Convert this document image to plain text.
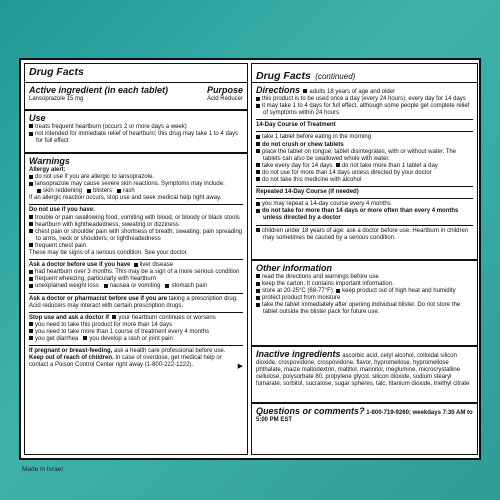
Drug Facts
Active ingredient (in each tablet)	Purpose
Lansoprazole 15 mg	Acid Reducer
Use
treats frequent heartburn (occurs 2 or more days a week)
not intended for immediate relief of heartburn; this drug may take 1 to 4 days for full effect
Warnings
Allergy alert:
do not use if you are allergic to lansoprazole.
lansoprazole may cause severe skin reactions. Symptoms may include:
skin reddening blisters rash
If an allergic reaction occurs, stop use and seek medical help right away.
Do not use if you have:
trouble or pain swallowing food, vomiting with blood, or bloody or black stools
heartburn with lightheadedness, sweating or dizziness
chest pain or shoulder pain with shortness of breath; sweating; pain spreading to arms, neck or shoulders; or lightheadedness
frequent chest pain
These may be signs of a serious condition. See your doctor.
Ask a doctor before use if you have liver disease
had heartburn over 3 months. This may be a sign of a more serious condition
frequent wheezing, particularly with heartburn
unexplained weight loss nausea or vomiting stomach pain
Ask a doctor or pharmacist before use if you are taking a prescription drug. Acid reducers may interact with certain prescription drugs.
Stop use and ask a doctor if your heartburn continues or worsens
you need to take this product for more than 14 days
you need to take more than 1 course of treatment every 4 months
you get diarrhea you develop a rash or joint pain
If pregnant or breast-feeding, ask a health care professional before use.
Keep out of reach of children. In case of overdose, get medical help or contact a Poison Control Center right away (1-800-222-1222).	▶
Drug Facts (continued)
Directions adults 18 years of age and older
this product is to be used once a day (every 24 hours), every day for 14 days
it may take 1 to 4 days for full effect, although some people get complete relief of symptoms within 24 hours
14-Day Course of Treatment
take 1 tablet before eating in the morning
do not crush or chew tablets
place the tablet on tongue; tablet disintegrates, with or without water. The tablets can also be swallowed whole with water.
take every day for 14 days do not take more than 1 tablet a day
do not use for more than 14 days unless directed by your doctor
do not take this medicine with alcohol
Repeated 14-Day Course (if needed)
you may repeat a 14-day course every 4 months
do not take for more than 14 days or more often than every 4 months unless directed by a doctor
children under 18 years of age: ask a doctor before use. Heartburn in children may sometimes be caused by a serious condition.
Other information
read the directions and warnings before use
keep the carton. It contains important information.
store at 20-25°C (68-77°F) keep product out of high heat and humidity
protect product from moisture
take the tablet immediately after opening individual blister. Do not store the tablet outside the blister pack for future use.
Inactive ingredients ascorbic acid, cetyl alcohol, colloidal silicon dioxide, crospovidone, crospovidone, flavor, hypromellose, hypromellose phthalate, maize maltodextrin, maltitol, mannitol, meglumine, microcrystalline cellulose, polysorbate 80, propylene glycol, silicon dioxide, sodium stearyl fumarate, sorbitol, sucralose, sugar spheres, talc, titanium dioxide, triethyl citrate
Questions or comments? 1-800-719-9260; weekdays 7:30 AM to 5:00 PM EST
Made in Israel
